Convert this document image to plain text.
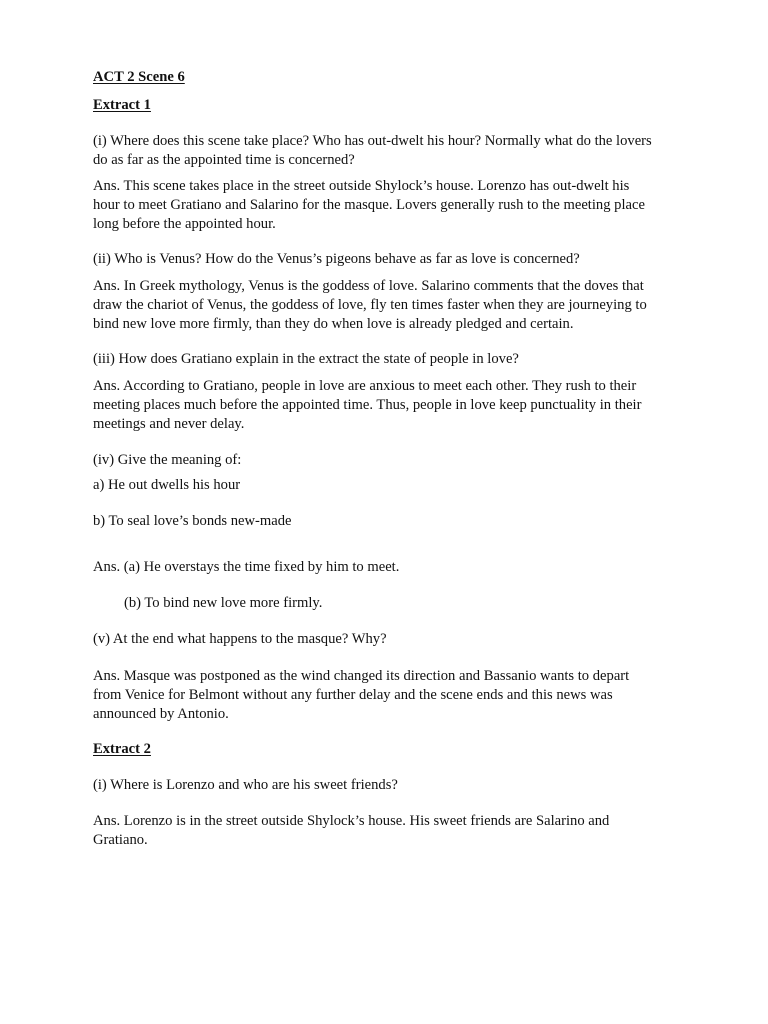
ACT 2 Scene 6

Extract 1

(i) Where does this scene take place? Who has out-dwelt his hour? Normally what do the lovers

do as far as the appointed time is concerned?

Ans. This scene takes place in the street outside Shylock’s house. Lorenzo has out-dwelt his

hour to meet Gratiano and Salarino for the masque. Lovers generally rush to the meeting place

long before the appointed hour.

(ii) Who is Venus? How do the Venus’s pigeons behave as far as love is concerned?

Ans. In Greek mythology, Venus is the goddess of love. Salarino comments that the doves that

draw the chariot of Venus, the goddess of love, fly ten times faster when they are journeying to

bind new love more firmly, than they do when love is already pledged and certain.

(iii) How does Gratiano explain in the extract the state of people in love?

Ans. According to Gratiano, people in love are anxious to meet each other. They rush to their

meeting places much before the appointed time. Thus, people in love keep punctuality in their

meetings and never delay.

(iv) Give the meaning of:

a) He out dwells his hour

b) To seal love’s bonds new-made

Ans. (a) He overstays the time fixed by him to meet.

(b) To bind new love more firmly.

(v) At the end what happens to the masque? Why?

Ans. Masque was postponed as the wind changed its direction and Bassanio wants to depart

from Venice for Belmont without any further delay and the scene ends and this news was

announced by Antonio.

Extract 2

(i) Where is Lorenzo and who are his sweet friends?

Ans. Lorenzo is in the street outside Shylock’s house. His sweet friends are Salarino and

Gratiano.
